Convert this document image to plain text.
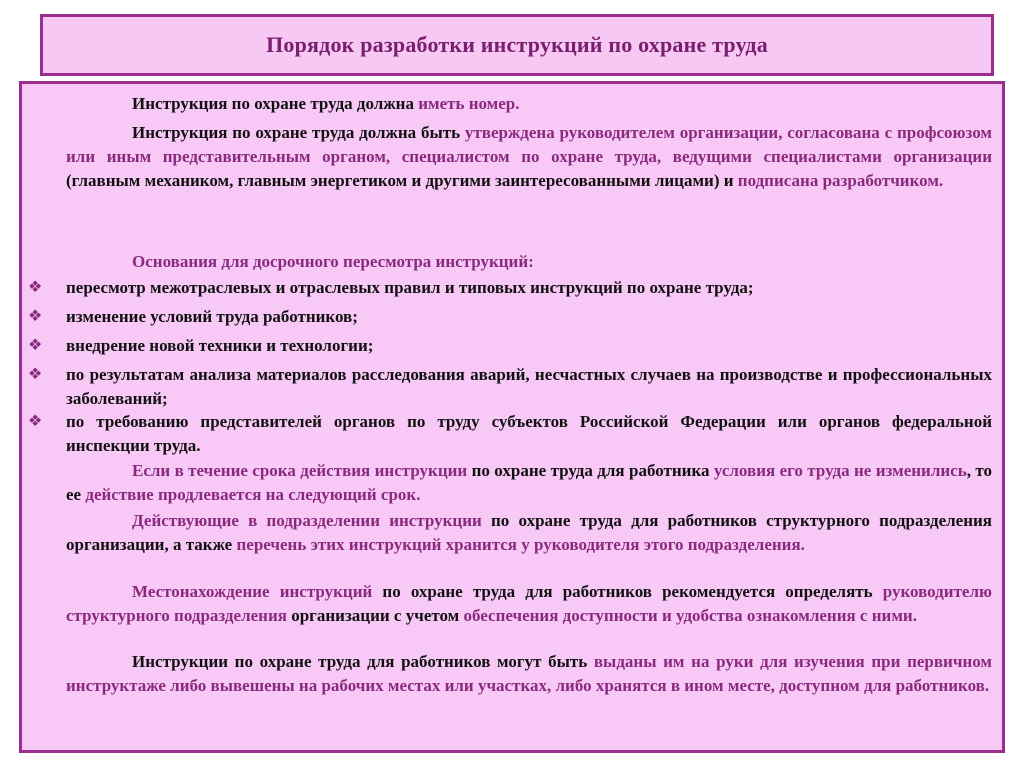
Порядок разработки инструкций по охране труда
Инструкция по охране труда должна иметь номер.
Инструкция по охране труда должна быть утверждена руководителем организации, согласована с профсоюзом или иным представительным органом, специалистом по охране труда, ведущими специалистами организации (главным механиком, главным энергетиком и другими заинтересованными лицами) и подписана разработчиком.
Основания для досрочного пересмотра инструкций:
❖ пересмотр межотраслевых и отраслевых правил и типовых инструкций по охране труда;
❖ изменение условий труда работников;
❖ внедрение новой техники и технологии;
❖ по результатам анализа материалов расследования аварий, несчастных случаев на производстве и профессиональных заболеваний;
❖ по требованию представителей органов по труду субъектов Российской Федерации или органов федеральной инспекции труда.
Если в течение срока действия инструкции по охране труда для работника условия его труда не изменились, то ее действие продлевается на следующий срок.
Действующие в подразделении инструкции по охране труда для работников структурного подразделения организации, а также перечень этих инструкций хранится у руководителя этого подразделения.
Местонахождение инструкций по охране труда для работников рекомендуется определять руководителю структурного подразделения организации с учетом обеспечения доступности и удобства ознакомления с ними.
Инструкции по охране труда для работников могут быть выданы им на руки для изучения при первичном инструктаже либо вывешены на рабочих местах или участках, либо хранятся в ином месте, доступном для работников.
